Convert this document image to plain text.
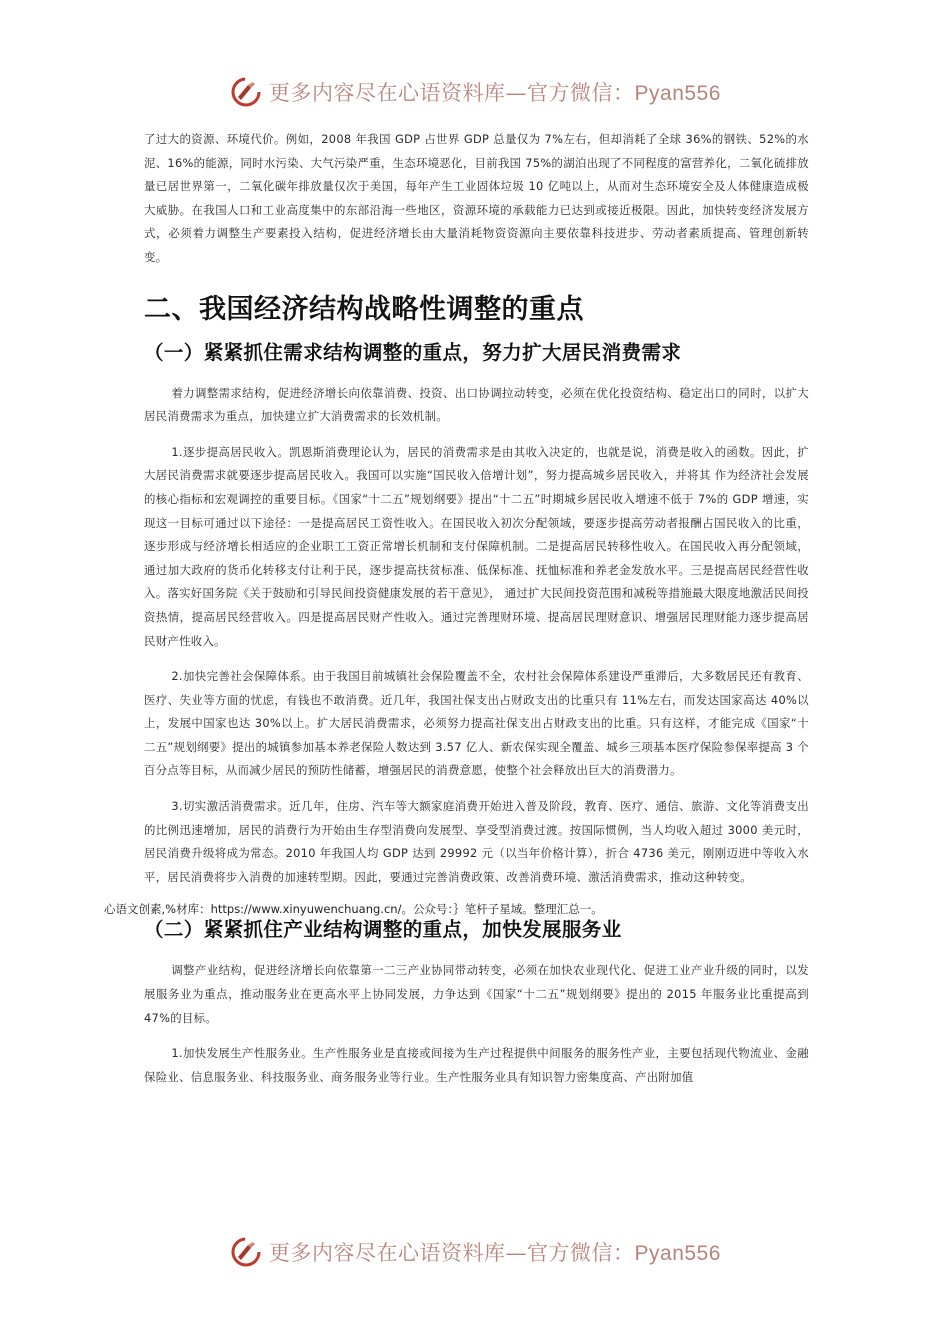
更多内容尽在心语资料库—官方微信：Pyan556

了过大的资源、环境代价。例如，2008 年我国 GDP 占世界 GDP 总量仅为 7%左右，但却消耗了全球 36%的钢铁、52%的水泥、16%的能源，同时水污染、大气污染严重，生态环境恶化，目前我国 75%的湖泊出现了不同程度的富营养化，二氧化硫排放量已居世界第一，二氧化碳年排放量仅次于美国，每年产生工业固体垃圾 10 亿吨以上，从而对生态环境安全及人体健康造成极大威胁。在我国人口和工业高度集中的东部沿海一些地区，资源环境的承载能力已达到或接近极限。因此，加快转变经济发展方式，必须着力调整生产要素投入结构，促进经济增长由大量消耗物资资源向主要依靠科技进步、劳动者素质提高、管理创新转变。

二、我国经济结构战略性调整的重点
（一）紧紧抓住需求结构调整的重点，努力扩大居民消费需求

着力调整需求结构，促进经济增长向依靠消费、投资、出口协调拉动转变，必须在优化投资结构、稳定出口的同时，以扩大居民消费需求为重点，加快建立扩大消费需求的长效机制。

1.逐步提高居民收入。凯恩斯消费理论认为，居民的消费需求是由其收入决定的，也就是说，消费是收入的函数。因此，扩大居民消费需求就要逐步提高居民收入。我国可以实施“国民收入倍增计划”，努力提高城乡居民收入，并将其 作为经济社会发展的核心指标和宏观调控的重要目标。《国家“十二五”规划纲要》提出“十二五”时期城乡居民收入增速不低于 7%的 GDP 增速，实现这一目标可通过以下途径：一是提高居民工资性收入。在国民收入初次分配领域，要逐步提高劳动者报酬占国民收入的比重，逐步形成与经济增长相适应的企业职工工资正常增长机制和支付保障机制。二是提高居民转移性收入。在国民收入再分配领域，通过加大政府的货币化转移支付让利于民，逐步提高扶贫标准、低保标准、抚恤标准和养老金发放水平。三是提高居民经营性收入。落实好国务院《关于鼓励和引导民间投资健康发展的若干意见》， 通过扩大民间投资范围和减税等措施最大限度地激活民间投资热情，提高居民经营收入。四是提高居民财产性收入。通过完善理财环境、提高居民理财意识、增强居民理财能力逐步提高居民财产性收入。

2.加快完善社会保障体系。由于我国目前城镇社会保险覆盖不全，农村社会保障体系建设严重滞后，大多数居民还有教育、医疗、失业等方面的忧虑，有钱也不敢消费。近几年，我国社保支出占财政支出的比重只有 11%左右，而发达国家高达 40%以上，发展中国家也达 30%以上。扩大居民消费需求，必须努力提高社保支出占财政支出的比重。只有这样，才能完成《国家“十二五”规划纲要》提出的城镇参加基本养老保险人数达到 3.57 亿人、新农保实现全覆盖、城乡三项基本医疗保险参保率提高 3 个百分点等目标，从而减少居民的预防性储蓄，增强居民的消费意愿，使整个社会释放出巨大的消费潜力。

3.切实激活消费需求。近几年，住房、汽车等大额家庭消费开始进入普及阶段，教育、医疗、通信、旅游、文化等消费支出的比例迅速增加，居民的消费行为开始由生存型消费向发展型、享受型消费过渡。按国际惯例，当人均收入超过 3000 美元时，居民消费升级将成为常态。2010 年我国人均 GDP 达到 29992 元（以当年价格计算），折合 4736 美元，刚刚迈进中等收入水平，居民消费将步入消费的加速转型期。因此，要通过完善消费政策、改善消费环境、激活消费需求，推动这种转变。

（二）紧紧抓住产业结构调整的重点，加快发展服务业

调整产业结构，促进经济增长向依靠第一二三产业协同带动转变，必须在加快农业现代化、促进工业产业升级的同时，以发展服务业为重点，推动服务业在更高水平上协同发展，力争达到《国家“十二五”规划纲要》提出的 2015 年服务业比重提高到 47%的目标。

1.加快发展生产性服务业。生产性服务业是直接或间接为生产过程提供中间服务的服务性产业，主要包括现代物流业、金融保险业、信息服务业、科技服务业、商务服务业等行业。生产性服务业具有知识智力密集度高、产出附加值

心语文创素,%材库：https://www.xinyuwenchuang.cn/。公众号：｝笔杆子星域。整理汇总一。
更多内容尽在心语资料库—官方微信：Pyan556
